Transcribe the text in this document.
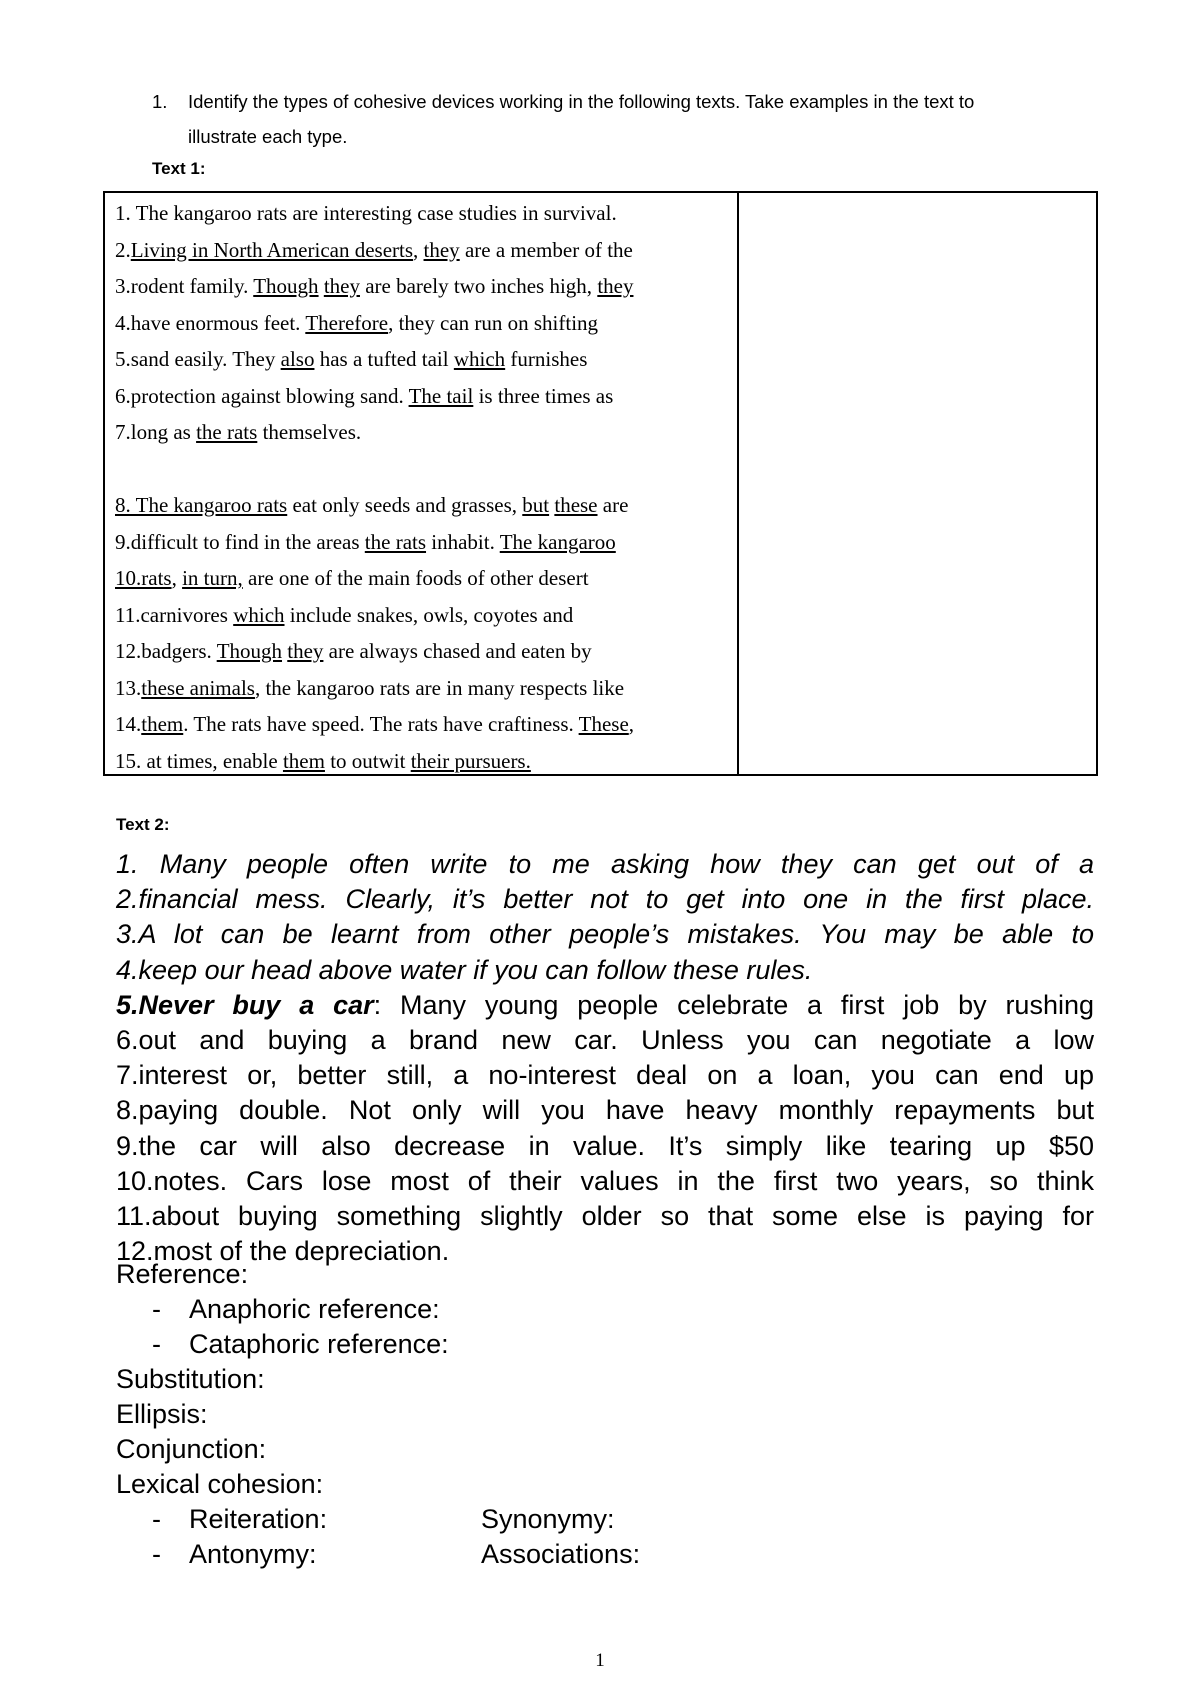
1. Identify the types of cohesive devices working in the following texts. Take examples in the text to
illustrate each type.
Text 1:
1. The kangaroo rats are interesting case studies in survival.
2.Living in North American deserts, they are a member of the
3.rodent family. Though they are barely two inches high, they
4.have enormous feet. Therefore, they can run on shifting
5.sand easily. They also has a tufted tail which furnishes
6.protection against blowing sand. The tail is three times as
7.long as the rats themselves.
8. The kangaroo rats eat only seeds and grasses, but these are
9.difficult to find in the areas the rats inhabit. The kangaroo
10.rats, in turn, are one of the main foods of other desert
11.carnivores which include snakes, owls, coyotes and
12.badgers. Though they are always chased and eaten by
13.these animals, the kangaroo rats are in many respects like
14.them. The rats have speed. The rats have craftiness. These,
15. at times, enable them to outwit their pursuers.
Text 2:
1. Many people often write to me asking how they can get out of a
2.financial mess. Clearly, it’s better not to get into one in the first place.
3.A lot can be learnt from other people’s mistakes. You may be able to
4.keep our head above water if you can follow these rules.
5.Never buy a car: Many young people celebrate a first job by rushing
6.out and buying a brand new car. Unless you can negotiate a low
7.interest or, better still, a no-interest deal on a loan, you can end up
8.paying double. Not only will you have heavy monthly repayments but
9.the car will also decrease in value. It’s simply like tearing up $50
10.notes. Cars lose most of their values in the first two years, so think
11.about buying something slightly older so that some else is paying for
12.most of the depreciation.
Reference:
- Anaphoric reference:
- Cataphoric reference:
Substitution:
Ellipsis:
Conjunction:
Lexical cohesion:
- Reiteration:	Synonymy:
- Antonymy:	Associations:
1
